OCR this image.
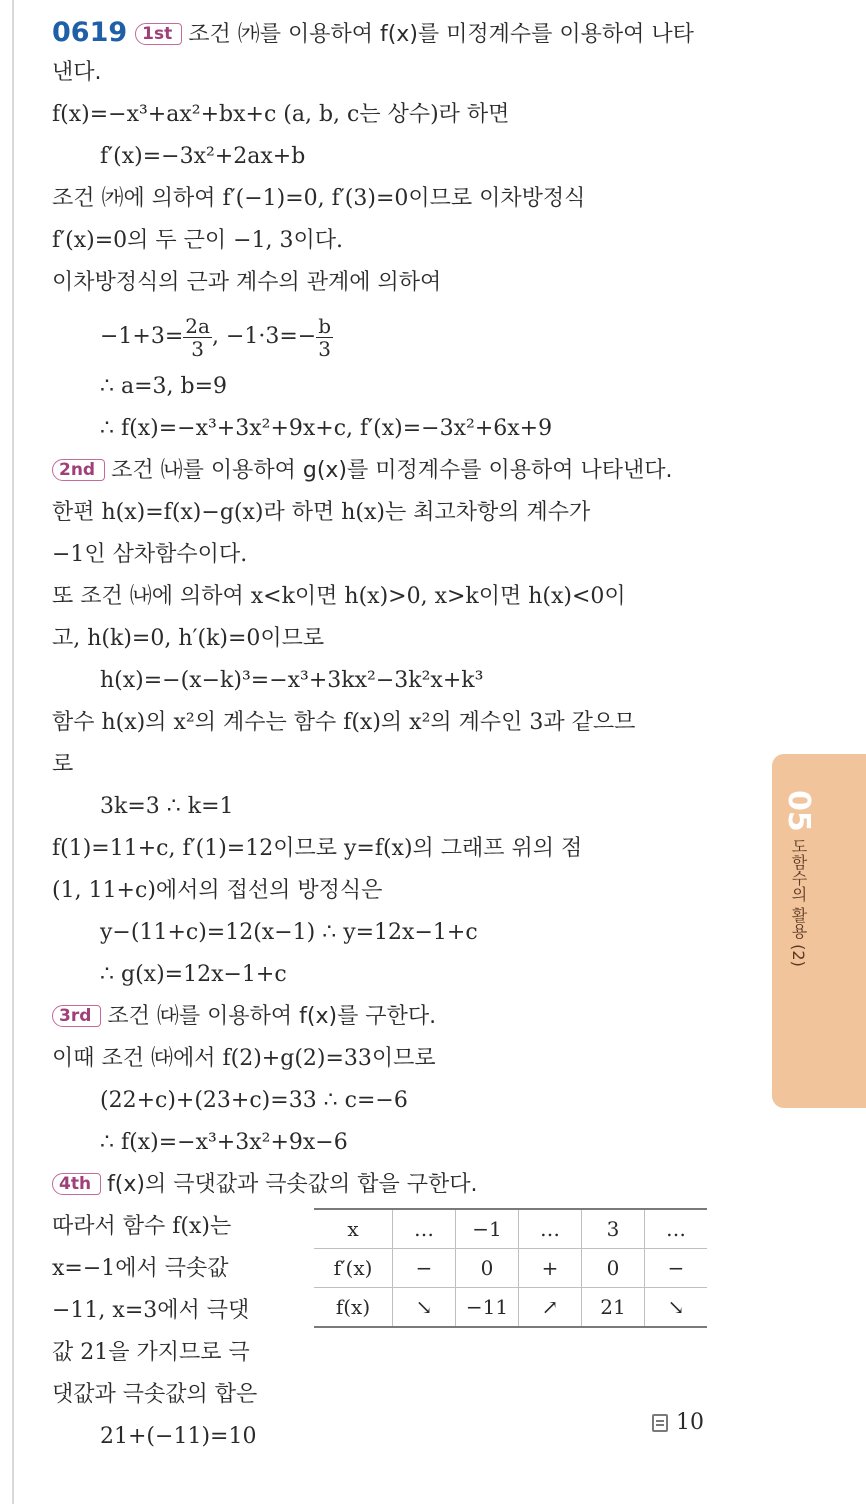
05
도함수의 활용 (2)
0619 1st 조건 ㈎를 이용하여 f(x)를 미정계수를 이용하여 나타
낸다.
f(x)=−x³+ax²+bx+c (a, b, c는 상수)라 하면
f′(x)=−3x²+2ax+b
조건 ㈎에 의하여 f′(−1)=0, f′(3)=0이므로 이차방정식
f′(x)=0의 두 근이 −1, 3이다.
이차방정식의 근과 계수의 관계에 의하여
$-1+3= \frac{2a}{3}$ , $-1\cdot 3=- \frac{b}{3}$
∴ a=3, b=9
∴ f(x)=−x³+3x²+9x+c, f′(x)=−3x²+6x+9
2nd 조건 ㈏를 이용하여 g(x)를 미정계수를 이용하여 나타낸다.
한편 h(x)=f(x)−g(x)라 하면 h(x)는 최고차항의 계수가
−1인 삼차함수이다.
또 조건 ㈏에 의하여 x<k이면 h(x)>0, x>k이면 h(x)<0이
고, h(k)=0, h′(k)=0이므로
h(x)=−(x−k)³=−x³+3kx²−3k²x+k³
함수 h(x)의 x²의 계수는 함수 f(x)의 x²의 계수인 3과 같으므
로
3k=3 ∴ k=1
f(1)=11+c, f′(1)=12이므로 y=f(x)의 그래프 위의 점
(1, 11+c)에서의 접선의 방정식은
y−(11+c)=12(x−1) ∴ y=12x−1+c
∴ g(x)=12x−1+c
3rd 조건 ㈐를 이용하여 f(x)를 구한다.
이때 조건 ㈐에서 f(2)+g(2)=33이므로
(22+c)+(23+c)=33 ∴ c=−6
∴ f(x)=−x³+3x²+9x−6
4th f(x)의 극댓값과 극솟값의 합을 구한다.
따라서 함수 f(x)는
x=−1에서 극솟값
−11, x=3에서 극댓
값 21을 가지므로 극
댓값과 극솟값의 합은
21+(−11)=10
x	…	−1	…	3	…
f′(x)	−	0	+	0	−
f(x)	↘	−11	↗	21	↘
10
